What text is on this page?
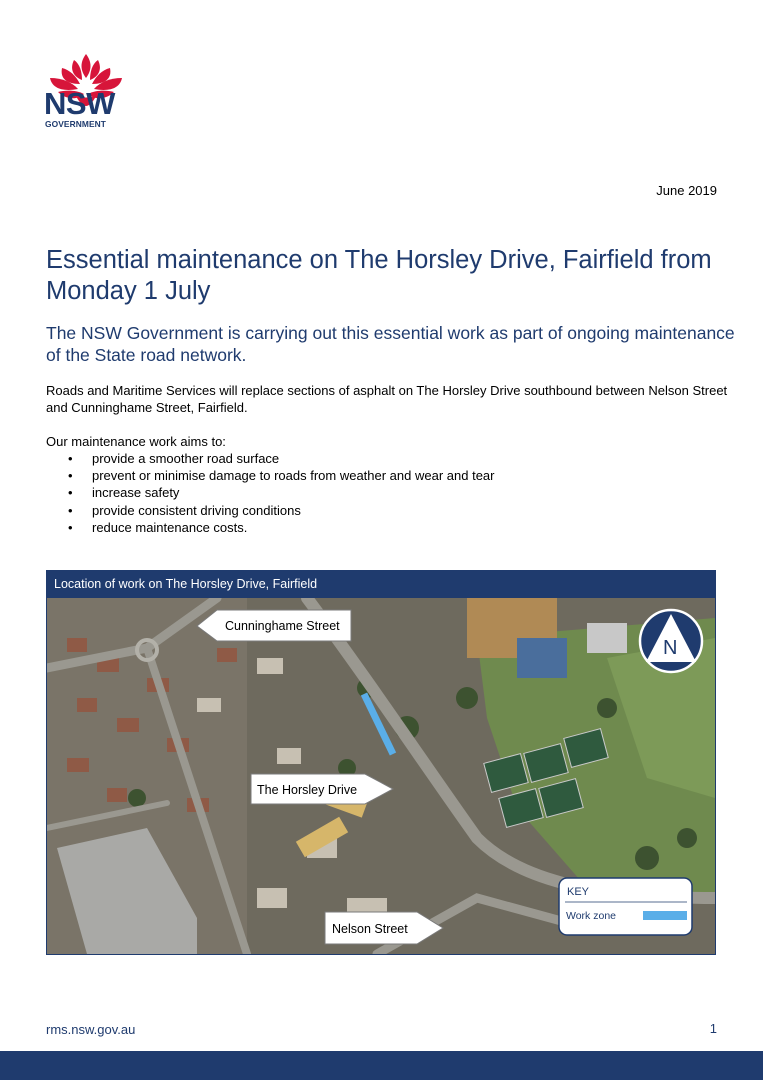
NSW
GOVERNMENT
June 2019
Essential maintenance on The Horsley Drive, Fairfield from Monday 1 July
The NSW Government is carrying out this essential work as part of ongoing maintenance of the State road network.

Roads and Maritime Services will replace sections of asphalt on The Horsley Drive southbound between Nelson Street and Cunninghame Street, Fairfield.

Our maintenance work aims to:

• provide a smoother road surface
• prevent or minimise damage to roads from weather and wear and tear
• increase safety
• provide consistent driving conditions
• reduce maintenance costs.
Location of work on The Horsley Drive, Fairfield
Cunninghame Street
The Horsley Drive
Nelson Street
N
KEY
Work zone
rms.nsw.gov.au	1
